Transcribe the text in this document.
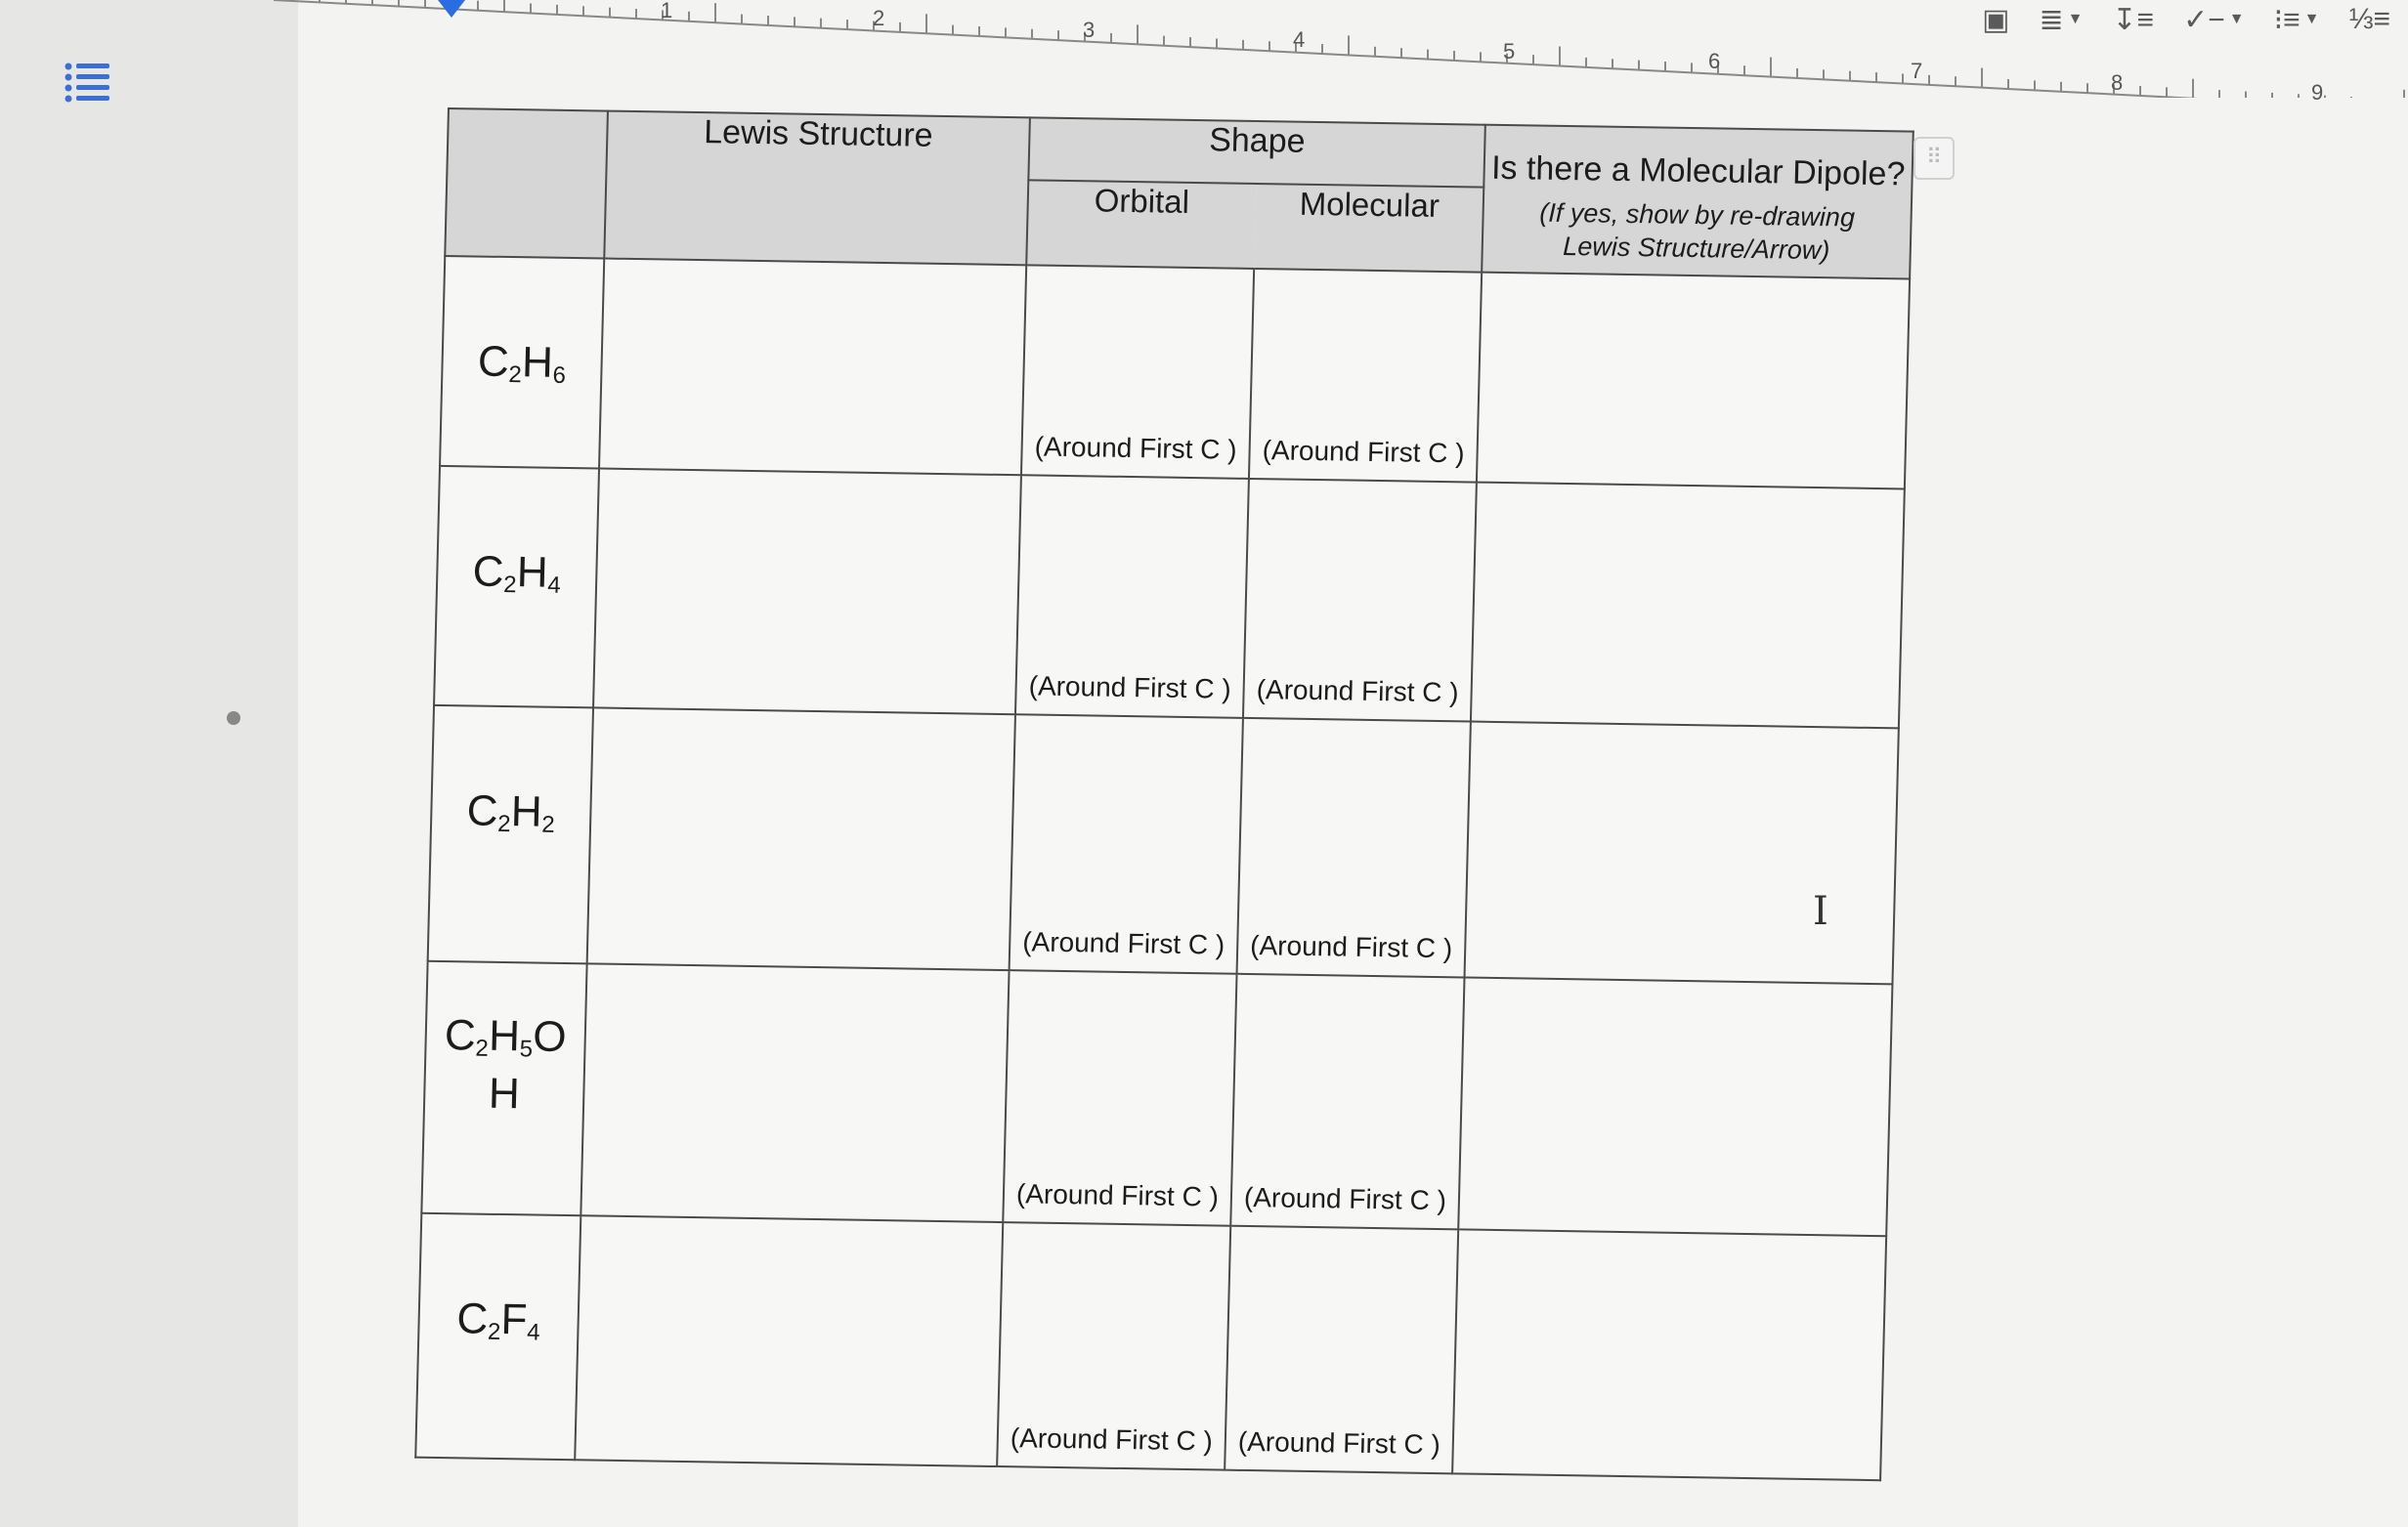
1	2	3	4	5	6	7	8	9
▣ ≣ ▼ ↧≡ ✓− ▼ ⁝≡ ▼ ⅓≡
	Lewis Structure	Shape		Is there a Molecular Dipole?
(If yes, show by re-drawing Lewis Structure/Arrow)

		Orbital	Molecular	
$C_2H_6$		(Around First C )	(Around First C )	
$C_2H_4$		(Around First C )	(Around First C )	
$C_2H_2$		(Around First C )	(Around First C )	
$C_2H_5O$
H		(Around First C )	(Around First C )	
$C_2F_4$		(Around First C )	(Around First C )	
⠿
I
